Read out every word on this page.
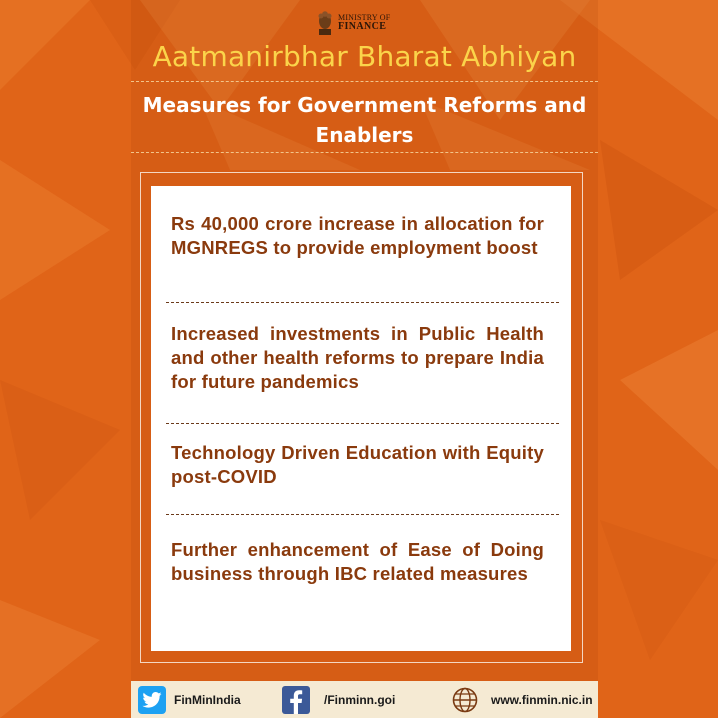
MINISTRY OF
FINANCE
Aatmanirbhar Bharat Abhiyan
Measures for Government Reforms and
Enablers
Rs 40,000 crore increase in allocation for MGNREGS to provide employment boost
Increased investments in Public Health and other health reforms to prepare India for future pandemics
Technology Driven Education with Equity post-COVID
Further enhancement of Ease of Doing business through IBC related measures
FinMinIndia	/Finminn.goi	www.finmin.nic.in
